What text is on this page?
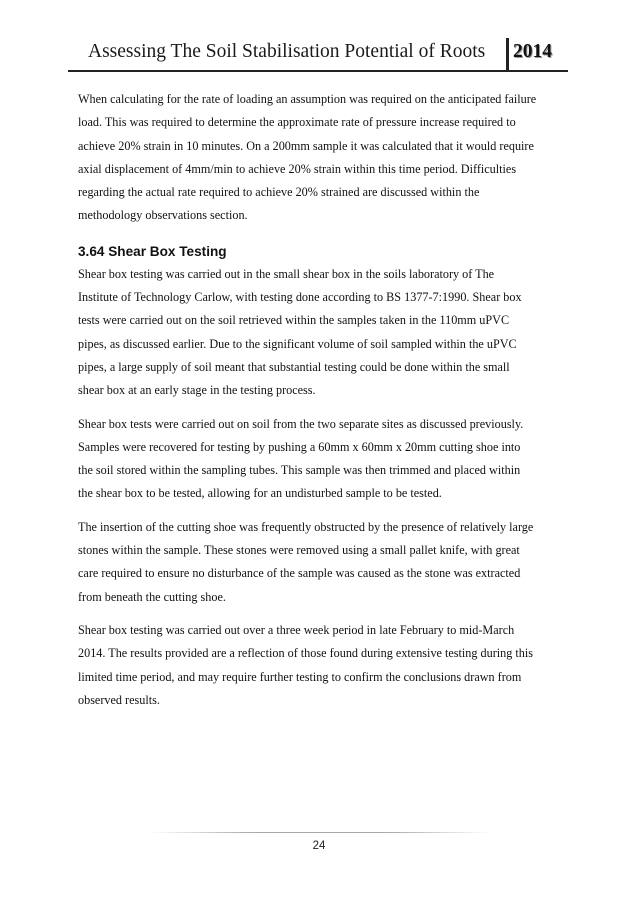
Assessing The Soil Stabilisation Potential of Roots 2014

When calculating for the rate of loading an assumption was required on the anticipated failure
load. This was required to determine the approximate rate of pressure increase required to
achieve 20% strain in 10 minutes. On a 200mm sample it was calculated that it would require
axial displacement of 4mm/min to achieve 20% strain within this time period. Difficulties
regarding the actual rate required to achieve 20% strained are discussed within the
methodology observations section.

3.64 Shear Box Testing

Shear box testing was carried out in the small shear box in the soils laboratory of The
Institute of Technology Carlow, with testing done according to BS 1377-7:1990. Shear box
tests were carried out on the soil retrieved within the samples taken in the 110mm uPVC
pipes, as discussed earlier. Due to the significant volume of soil sampled within the uPVC
pipes, a large supply of soil meant that substantial testing could be done within the small
shear box at an early stage in the testing process.

Shear box tests were carried out on soil from the two separate sites as discussed previously.
Samples were recovered for testing by pushing a 60mm x 60mm x 20mm cutting shoe into
the soil stored within the sampling tubes. This sample was then trimmed and placed within
the shear box to be tested, allowing for an undisturbed sample to be tested.

The insertion of the cutting shoe was frequently obstructed by the presence of relatively large
stones within the sample. These stones were removed using a small pallet knife, with great
care required to ensure no disturbance of the sample was caused as the stone was extracted
from beneath the cutting shoe.

Shear box testing was carried out over a three week period in late February to mid-March
2014. The results provided are a reflection of those found during extensive testing during this
limited time period, and may require further testing to confirm the conclusions drawn from
observed results.

24
